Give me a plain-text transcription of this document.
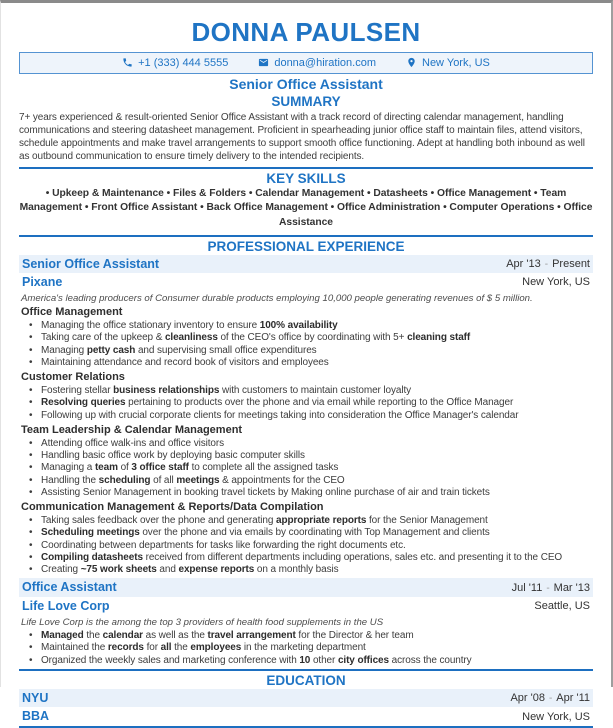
DONNA PAULSEN
+1 (333) 444 5555	donna@hiration.com	New York, US
Senior Office Assistant
SUMMARY
7+ years experienced & result-oriented Senior Office Assistant with a track record of directing calendar management, handling communications and steering datasheet management. Proficient in spearheading junior office staff to maintain files, attend visitors, schedule appointments and make travel arrangements to support smooth office functioning. Adept at handling both inbound as well as outbound communication to ensure timely delivery to the intended recipients.
KEY SKILLS
• Upkeep & Maintenance • Files & Folders • Calendar Management • Datasheets • Office Management • Team Management • Front Office Assistant • Back Office Management • Office Administration • Computer Operations • Office Assistance
PROFESSIONAL EXPERIENCE
Senior Office Assistant	Apr '13 - Present
Pixane	New York, US
America's leading producers of Consumer durable products employing 10,000 people generating revenues of $ 5 million.
Office Management
• Managing the office stationary inventory to ensure 100% availability
• Taking care of the upkeep & cleanliness of the CEO's office by coordinating with 5+ cleaning staff
• Managing petty cash and supervising small office expenditures
• Maintaining attendance and record book of visitors and employees
Customer Relations
• Fostering stellar business relationships with customers to maintain customer loyalty
• Resolving queries pertaining to products over the phone and via email while reporting to the Office Manager
• Following up with crucial corporate clients for meetings taking into consideration the Office Manager's calendar
Team Leadership & Calendar Management
• Attending office walk-ins and office visitors
• Handling basic office work by deploying basic computer skills
• Managing a team of 3 office staff to complete all the assigned tasks
• Handling the scheduling of all meetings & appointments for the CEO
• Assisting Senior Management in booking travel tickets by Making online purchase of air and train tickets
Communication Management & Reports/Data Compilation
• Taking sales feedback over the phone and generating appropriate reports for the Senior Management
• Scheduling meetings over the phone and via emails by coordinating with Top Management and clients
• Coordinating between departments for tasks like forwarding the right documents etc.
• Compiling datasheets received from different departments including operations, sales etc. and presenting it to the CEO
• Creating ~75 work sheets and expense reports on a monthly basis
Office Assistant	Jul '11 - Mar '13
Life Love Corp	Seattle, US
Life Love Corp is the among the top 3 providers of health food supplements in the US
• Managed the calendar as well as the travel arrangement for the Director & her team
• Maintained the records for all the employees in the marketing department
• Organized the weekly sales and marketing conference with 10 other city offices across the country
EDUCATION
NYU	Apr '08 - Apr '11
BBA	New York, US
